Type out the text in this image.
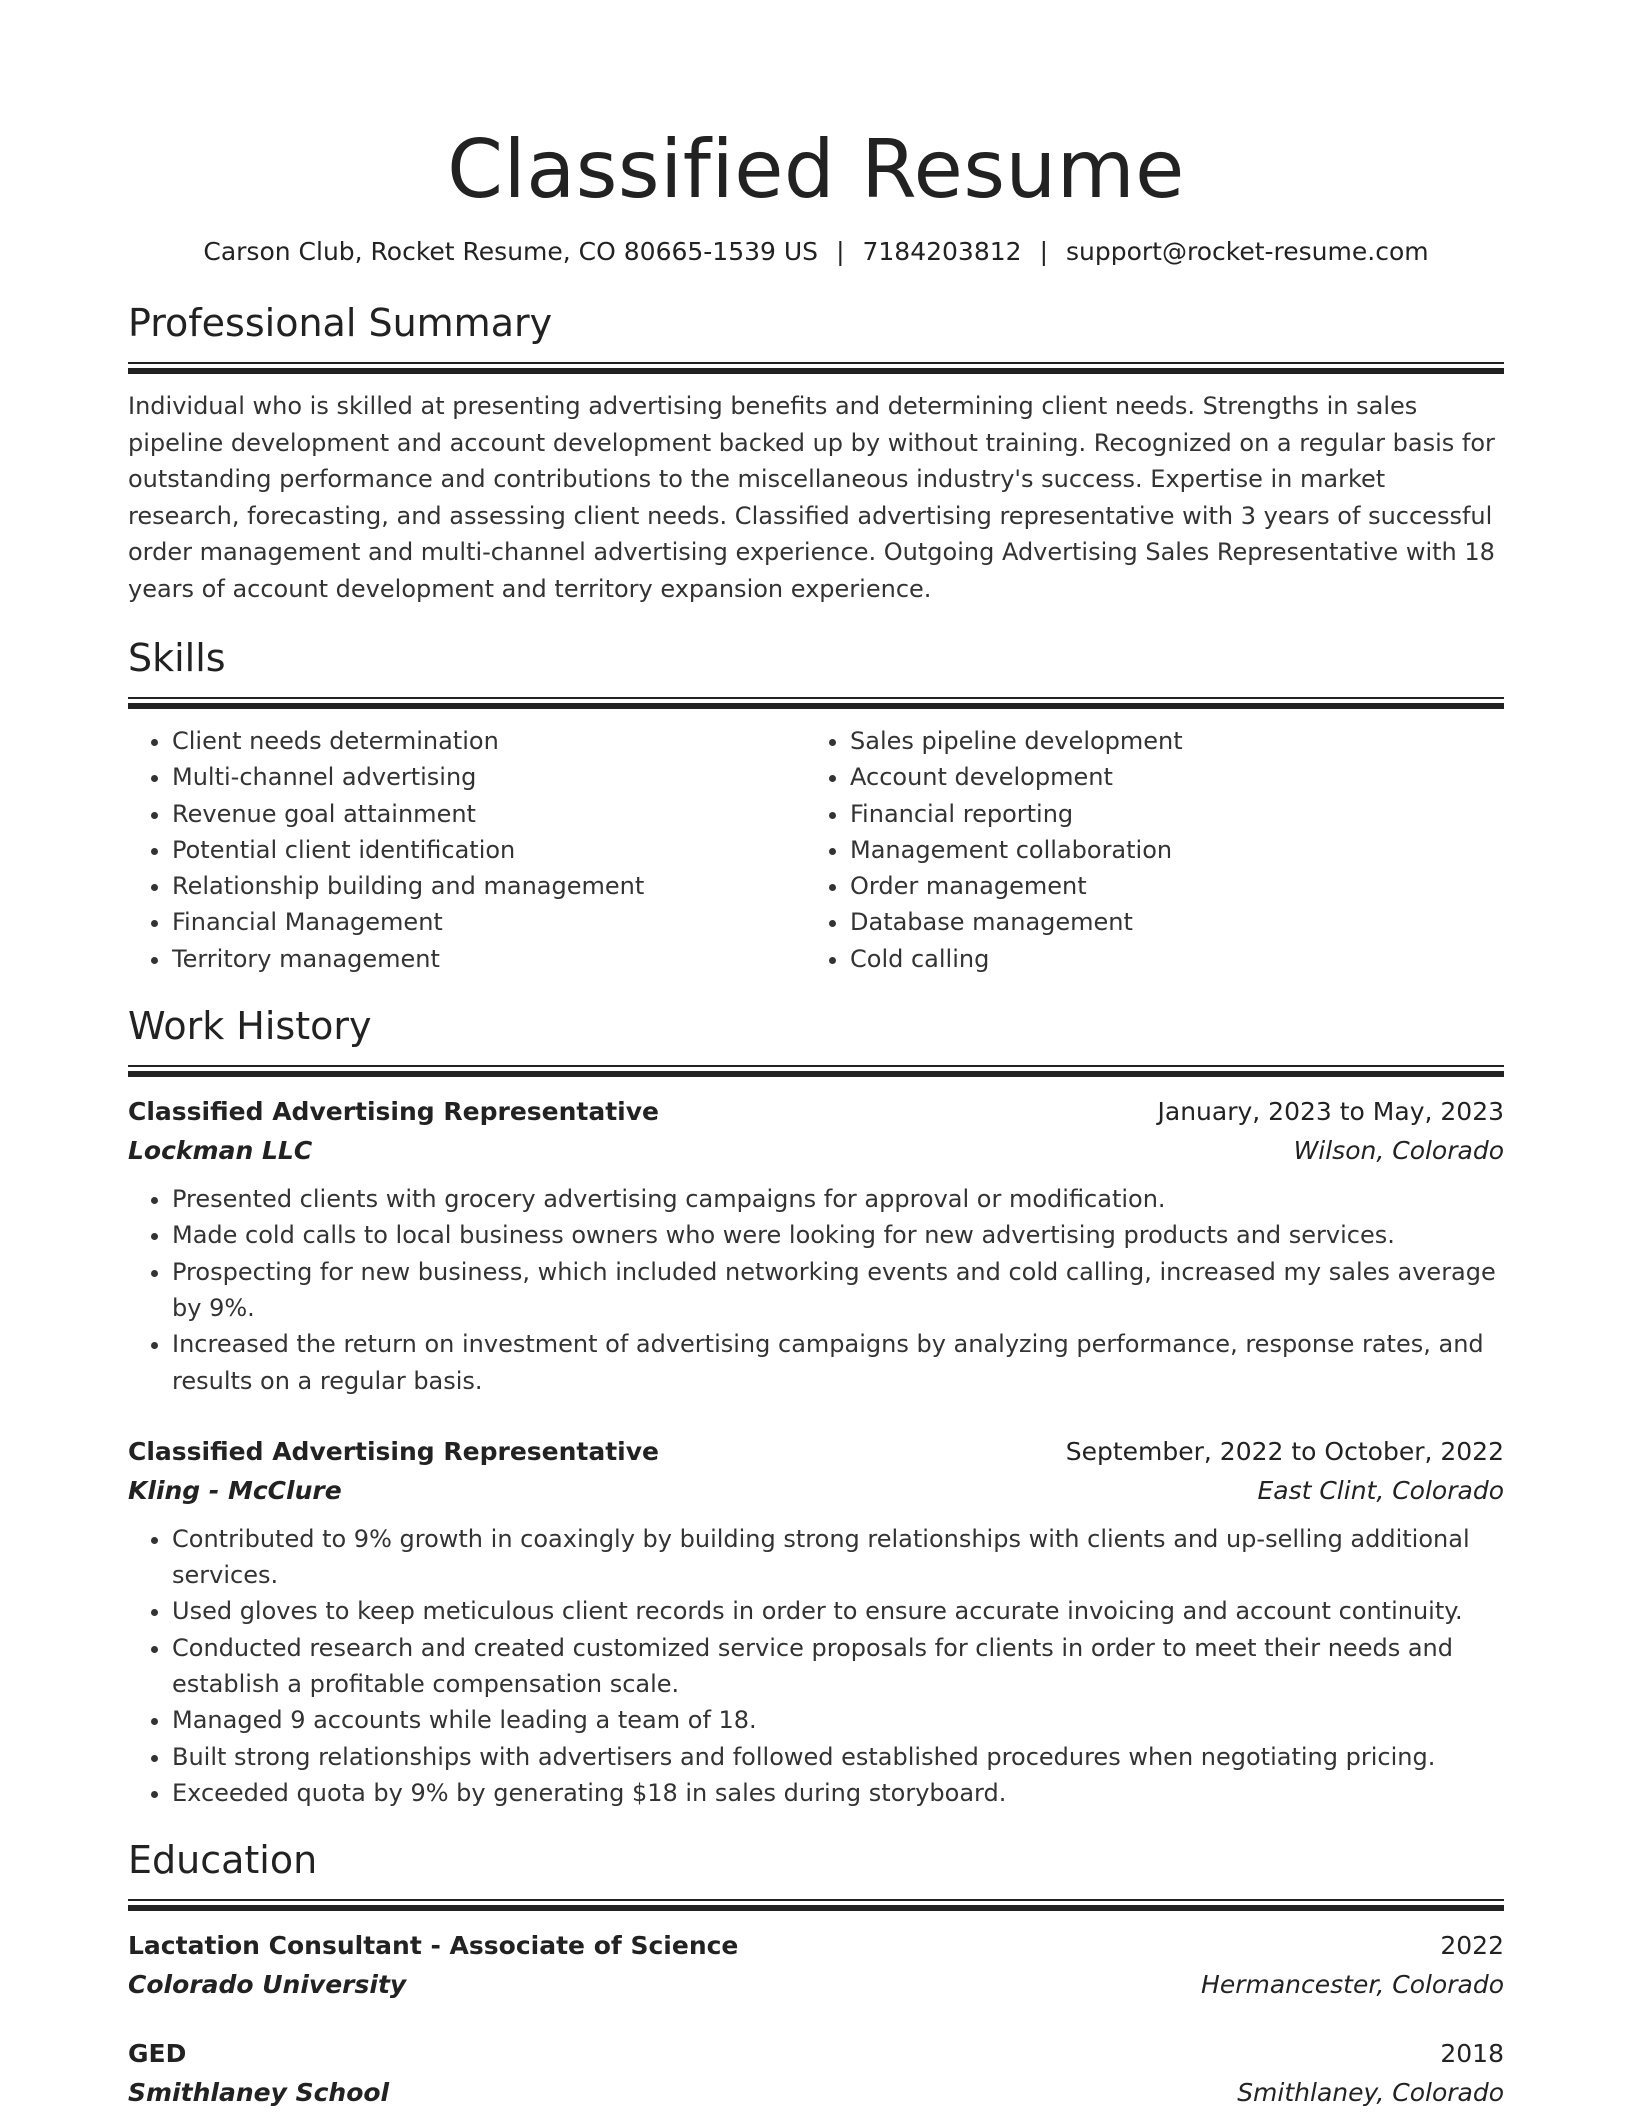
Classified Resume
Carson Club, Rocket Resume, CO 80665-1539 US | 7184203812 | support@rocket-resume.com
Professional Summary

Individual who is skilled at presenting advertising benefits and determining client needs. Strengths in sales pipeline development and account development backed up by without training. Recognized on a regular basis for outstanding performance and contributions to the miscellaneous industry's success. Expertise in market research, forecasting, and assessing client needs. Classified advertising representative with 3 years of successful order management and multi-channel advertising experience. Outgoing Advertising Sales Representative with 18 years of account development and territory expansion experience.

Skills
• Client needs determination
• Multi-channel advertising
• Revenue goal attainment
• Potential client identification
• Relationship building and management
• Financial Management
• Territory management
• Sales pipeline development
• Account development
• Financial reporting
• Management collaboration
• Order management
• Database management
• Cold calling
Work History
Classified Advertising Representative	January, 2023 to May, 2023
Lockman LLC	Wilson, Colorado
• Presented clients with grocery advertising campaigns for approval or modification.
• Made cold calls to local business owners who were looking for new advertising products and services.
• Prospecting for new business, which included networking events and cold calling, increased my sales average by 9%.
• Increased the return on investment of advertising campaigns by analyzing performance, response rates, and results on a regular basis.
Classified Advertising Representative	September, 2022 to October, 2022
Kling - McClure	East Clint, Colorado
• Contributed to 9% growth in coaxingly by building strong relationships with clients and up-selling additional services.
• Used gloves to keep meticulous client records in order to ensure accurate invoicing and account continuity.
• Conducted research and created customized service proposals for clients in order to meet their needs and establish a profitable compensation scale.
• Managed 9 accounts while leading a team of 18.
• Built strong relationships with advertisers and followed established procedures when negotiating pricing.
• Exceeded quota by 9% by generating $18 in sales during storyboard.
Education
Lactation Consultant - Associate of Science	2022
Colorado University	Hermancester, Colorado
GED	2018
Smithlaney School	Smithlaney, Colorado
